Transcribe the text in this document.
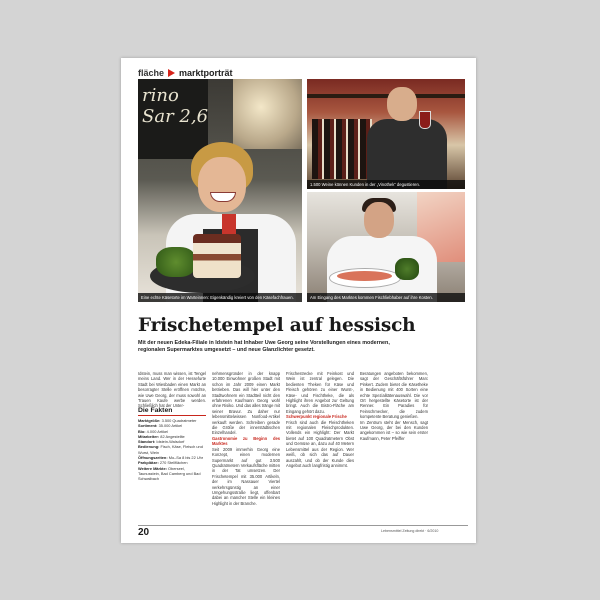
fläche marktporträt
rino Sar 2,6
Eine echte Käsetorte im Warteinnen: Eigenkändig kreiert von den Käsefachfrauen.
1.500 Weine können Kunden in der „Vinothek“ degustieren.
Am Eingang des Marktes kommen Fischliebhaber auf ihre Kosten.
Frischetempel auf hessisch
Mit der neuen Edeka-Filiale in Idstein hat Inhaber Uwe Georg seine Vorstellungen eines modernen, regionalen Supermarktes umgesetzt – und neue Glanzlichter gesetzt.
Idstein, muss man wissen, ist Tengel meins Land. Wer in der Hessefurte Stadt bei Wiesbaden einen Markt an besorragter Stelle eröffnen möchte, wie Uwe Georg, der muss sowohl an Trauen Kaufe werbe werden. Schließlich hat der Unter-
Die Fakten
Marktgröße: 3.500 Quadratmeter
Sortiment: 35.000 Artikel
Bio: 4.000 Artikel
Mitarbeiter: 82 Angestellte
Standort: Idstein-Walsdorf
Bedienung: Fisch, Käse, Fleisch und Wurst, Wein
Öffnungszeiten: Mo–Sa 8 bis 22 Uhr
Parkplätze: 270 Stellflächen
Weitere Märkte: Oberseel, Taunusstein, Bad Camberg und Bad Schwalbach
nehmensgründer in der knapp 10.000 Einwohner großen Stadt mit schon im Jahr 2009 einen Markt betrieben. Das will hier unter den Stadtwohnern ein Stadtteil nicht den erfahrenen Kaufmann Georg wohl ohne Risiko. Und das alles tränge mit seiner Bravur. Zu daher nur lebensmittelwissen Nonfood-Artikel verkauft werden. Schreiben gerade die Größe der innerstädtischen Einzelhandel.
Gastronomie zu Beginn des Marktes
Seit 2009 immerhin Georg eine Konzept, einen modernen Supermarkt auf gut 3.500 Quadratmetern Verkaufsfläche mitten in der Tat umsetzen. Der Frischetempel mit 35.000 Artikeln, der im Nassauer Viertel verkehrsgünstig an einer Umgehungsstraße liegt, offenbart dabei an mancher Stelle ein kleines Highlight in der Branche.
Frischestrecke mit Feinkost und Wein ist zentral gelegen. Die bedienten Theken für Käse und Fleisch gehören zu einer Wurst-, Käse- und Fischtheke, die als Highlight ihren Angebot zur Geltung bringt. Auch die Bistro-Fläche am Eingang gehört dazu.
Schwerpunkt regionale Frische
Frisch sind auch die Fleischtheken mit regionalen Fleischprodukten. Vollends ein Highlight: Der Markt bietet auf 100 Quadratmetern Obst und Gemüse an, dazu auf 40 Metern Lebensmittel aus der Region. Wer weiß, ob sich das auf Dauer auszahlt, und ob der Kunde dies Angebot auch langfristig annimmt.
Beratungen angeboten bekommen, sagt der Geschäftsführer Marc Pinkert. Zudem bietet die Käsetheke in Bedienung mit 400 Sorten eine echte Spezialitätenauswahl. Die vor Ort hergestellte Käsetorte ist der Renner. Ein Paradies für Feinschmecker, die zudem kompetente Beratung genießen.
Im Zentrum steht der Mensch, sagt Uwe Georg, der bei den Kunden angekommen ist – so wie sein erster Kaufmann, Peter Pfeiffer
20	Lebensmittel Zeitung direkt · 6/2010
